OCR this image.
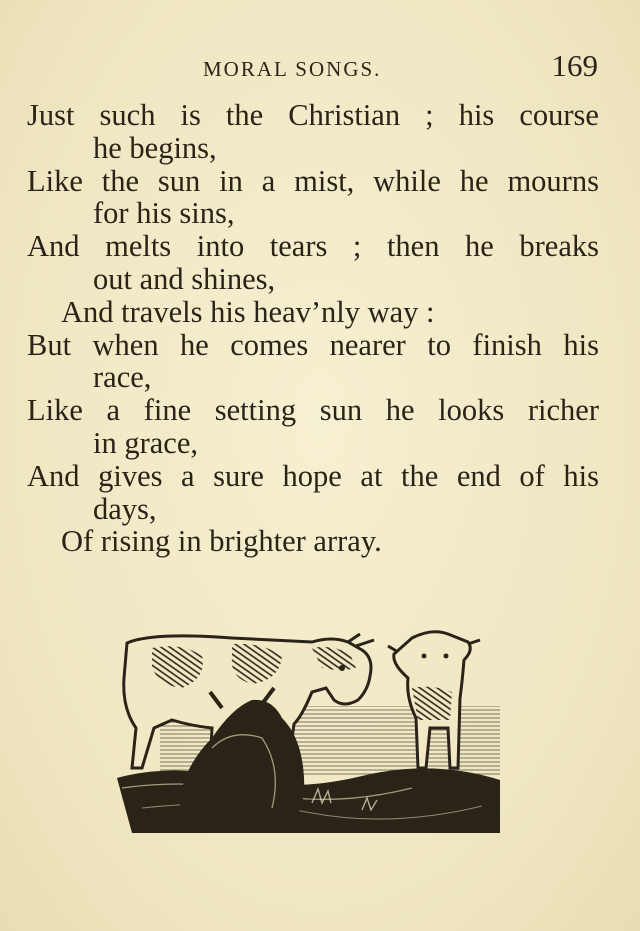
MORAL SONGS.	169
Just such is the Christian ; his course
he begins,
Like the sun in a mist, while he mourns
for his sins,
And melts into tears ; then he breaks
out and shines,
And travels his heav’nly way :
But when he comes nearer to finish his
race,
Like a fine setting sun he looks richer
in grace,
And gives a sure hope at the end of his
days,
Of rising in brighter array.
